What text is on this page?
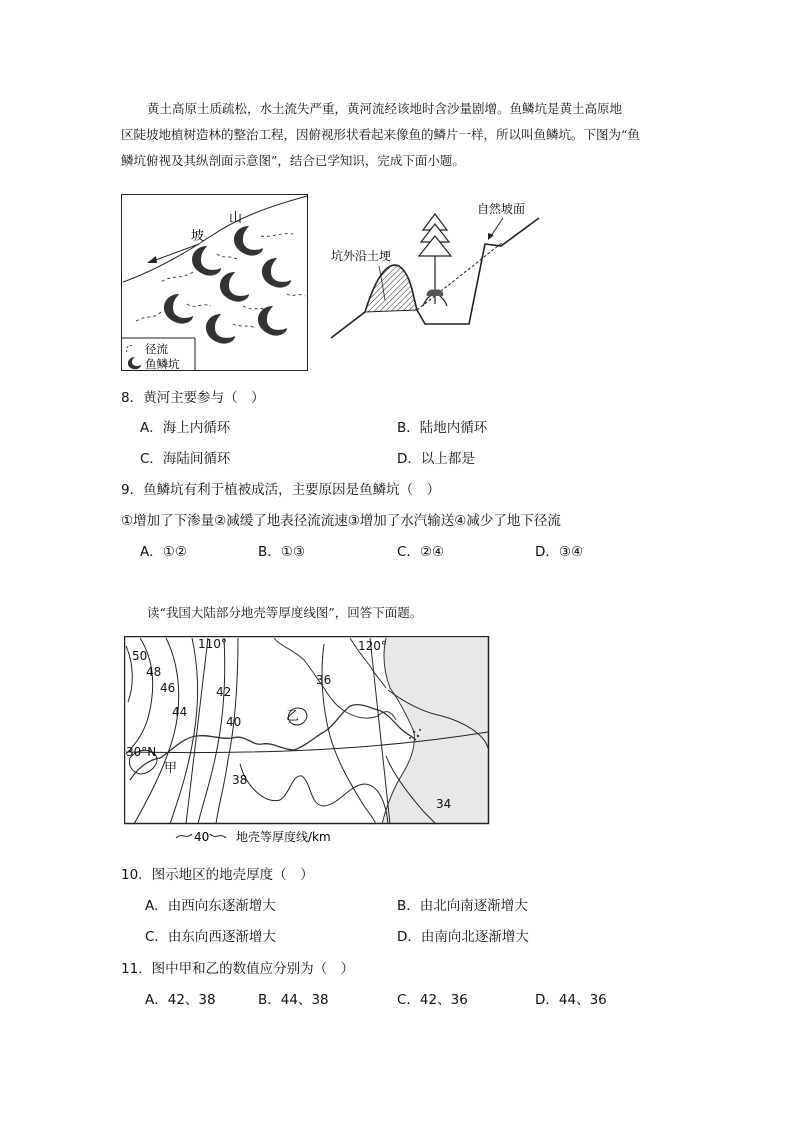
黄土高原土质疏松，水土流失严重，黄河流经该地时含沙量剧增。鱼鳞坑是黄土高原地
区陡坡地植树造林的整治工程，因俯视形状看起来像鱼的鳞片一样，所以叫鱼鳞坑。下图为“鱼
鳞坑俯视及其纵剖面示意图”，结合已学知识，完成下面小题。
山
坡
径流
鱼鳞坑
自然坡面
坑外沿土埂
8．黄河主要参与（　）
A．海上内循环	B．陆地内循环
C．海陆间循环	D．以上都是
9．鱼鳞坑有利于植被成活，主要原因是鱼鳞坑（　）
①增加了下渗量②减缓了地表径流流速③增加了水汽输送④减少了地下径流
A．①②	B．①③	C．②④	D．③④
读“我国大陆部分地壳等厚度线图”，回答下面题。
110°	120°
30°N
50
48
46
44
42
40
38
36
34
甲
乙
40 地壳等厚度线/km
10．图示地区的地壳厚度（　）
A．由西向东逐渐增大	B．由北向南逐渐增大
C．由东向西逐渐增大	D．由南向北逐渐增大
11．图中甲和乙的数值应分别为（　）
A．42、38	B．44、38	C．42、36	D．44、36
